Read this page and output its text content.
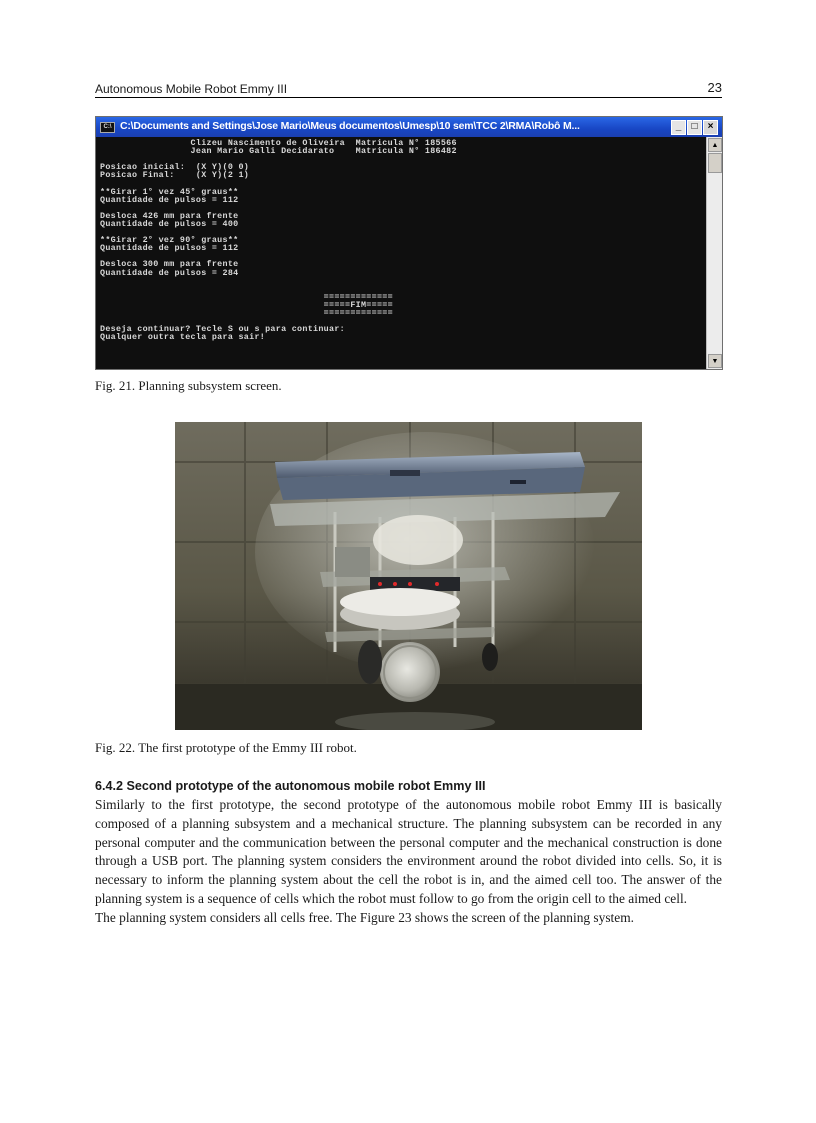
Autonomous Mobile Robot Emmy III	23
C:\ C:\Documents and Settings\Jose Mario\Meus documentos\Umesp\10 sem\TCC 2\RMA\Robô M...	_	□	×
Clizeu Nascimento de Oliveira  Matricula N° 185566
Jean Mario Galli Decidarato    Matricula N° 186482
Posicao inicial:  (X Y)(0 0)
Posicao Final:    (X Y)(2 1)
**Girar 1° vez 45° graus**
Quantidade de pulsos = 112
Desloca 426 mm para frente
Quantidade de pulsos = 400
**Girar 2° vez 90° graus**
Quantidade de pulsos = 112
Desloca 300 mm para frente
Quantidade de pulsos = 284
=============
=====FIM=====
=============
Deseja continuar? Tecle S ou s para continuar:
Qualquer outra tecla para sair!
▲
▼
Fig. 21. Planning subsystem screen.
Fig. 22. The first prototype of the Emmy III robot.
6.4.2 Second prototype of the autonomous mobile robot Emmy III

Similarly to the first prototype, the second prototype of the autonomous mobile robot Emmy III is basically composed of a planning subsystem and a mechanical structure. The planning subsystem can be recorded in any personal computer and the communication between the personal computer and the mechanical construction is done through a USB port. The planning system considers the environment around the robot divided into cells. So, it is necessary to inform the planning system about the cell the robot is in, and the aimed cell too. The answer of the planning system is a sequence of cells which the robot must follow to go from the origin cell to the aimed cell.

The planning system considers all cells free. The Figure 23 shows the screen of the planning system.
